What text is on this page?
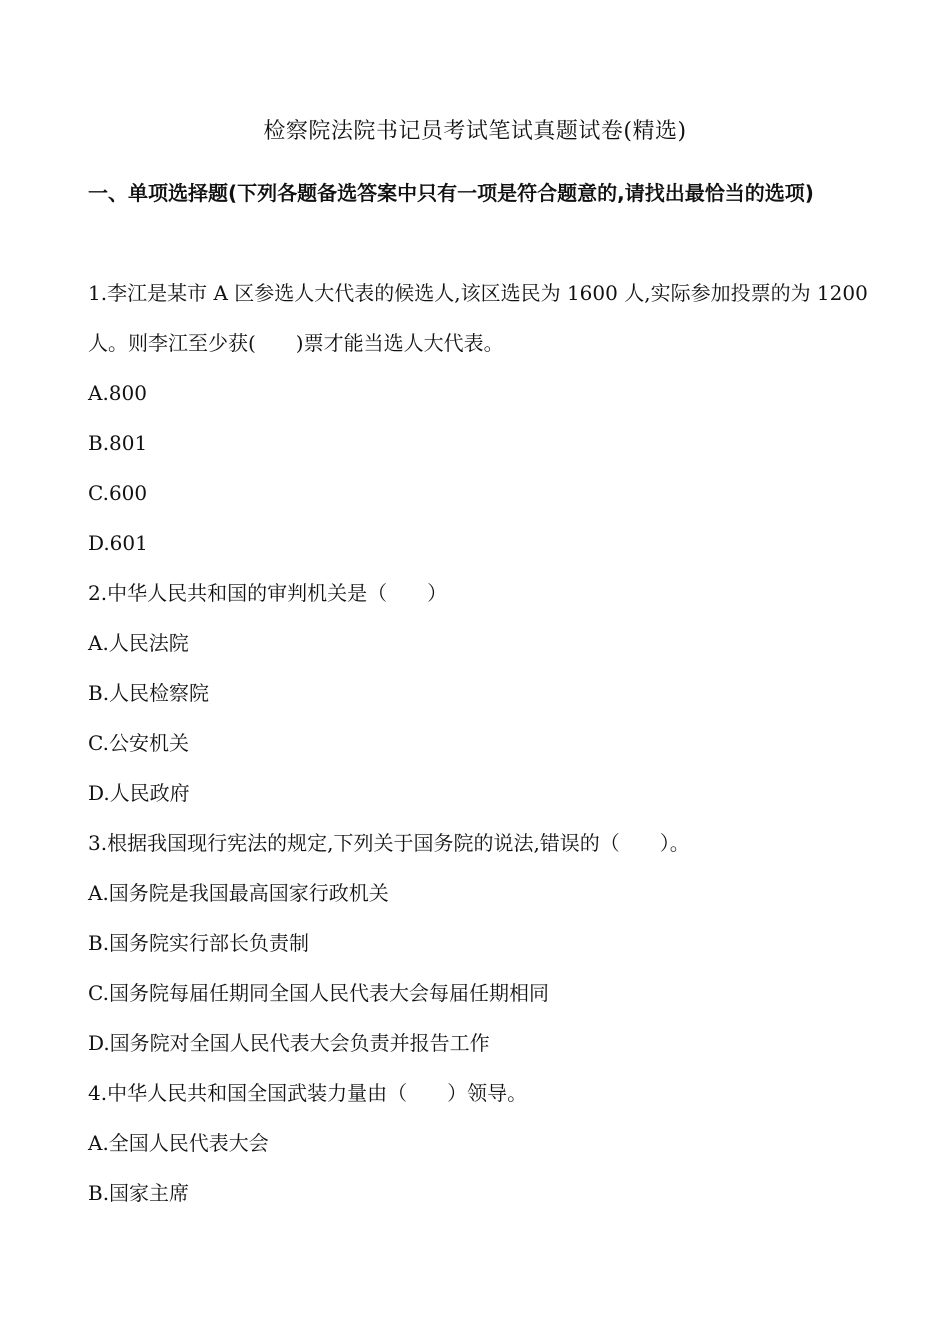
检察院法院书记员考试笔试真题试卷(精选)
一、单项选择题(下列各题备选答案中只有一项是符合题意的,请找出最恰当的选项)

1.李江是某市 A 区参选人大代表的候选人,该区选民为 1600 人,实际参加投票的为 1200 人。则李江至少获(　　)票才能当选人大代表。

A.800

B.801

C.600

D.601

2.中华人民共和国的审判机关是（　　）

A.人民法院

B.人民检察院

C.公安机关

D.人民政府

3.根据我国现行宪法的规定,下列关于国务院的说法,错误的（　　）。

A.国务院是我国最高国家行政机关

B.国务院实行部长负责制

C.国务院每届任期同全国人民代表大会每届任期相同

D.国务院对全国人民代表大会负责并报告工作

4.中华人民共和国全国武装力量由（　　）领导。

A.全国人民代表大会

B.国家主席
